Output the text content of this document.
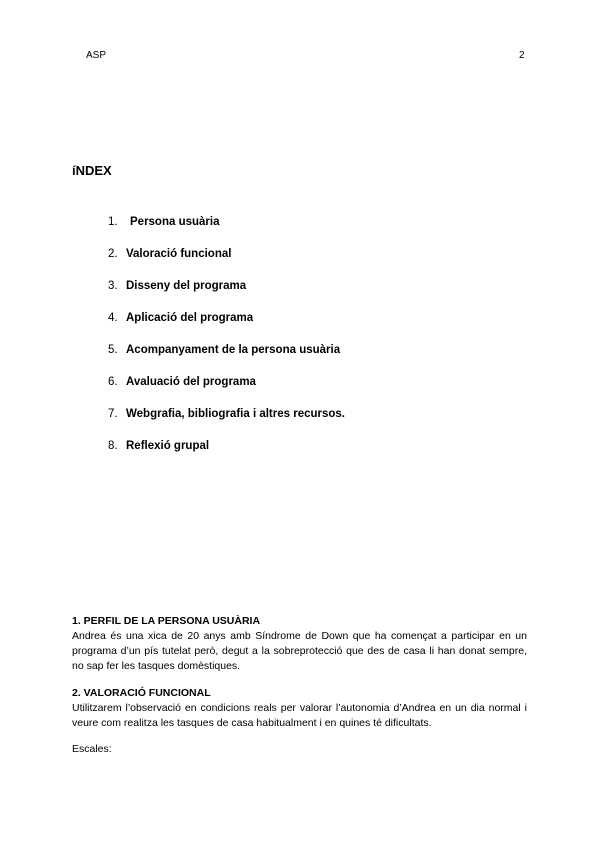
ASP	2
íNDEX
1.	Persona usuària
2. Valoració funcional
3. Disseny del programa
4. Aplicació del programa
5. Acompanyament de la persona usuària
6. Avaluació del programa
7. Webgrafia, bibliografia i altres recursos.
8. Reflexió grupal
1. PERFIL DE LA PERSONA USUÀRIA

Andrea és una xica de 20 anys amb Síndrome de Down que ha començat a participar en un programa d’un pís tutelat però, degut a la sobreprotecció que des de casa li han donat sempre, no sap fer les tasques domèstiques.

2. VALORACIÓ FUNCIONAL

Utilitzarem l’observació en condicions reals per valorar l’autonomia d’Andrea en un dia normal i veure com realitza les tasques de casa habitualment i en quines té dificultats.

Escales:
